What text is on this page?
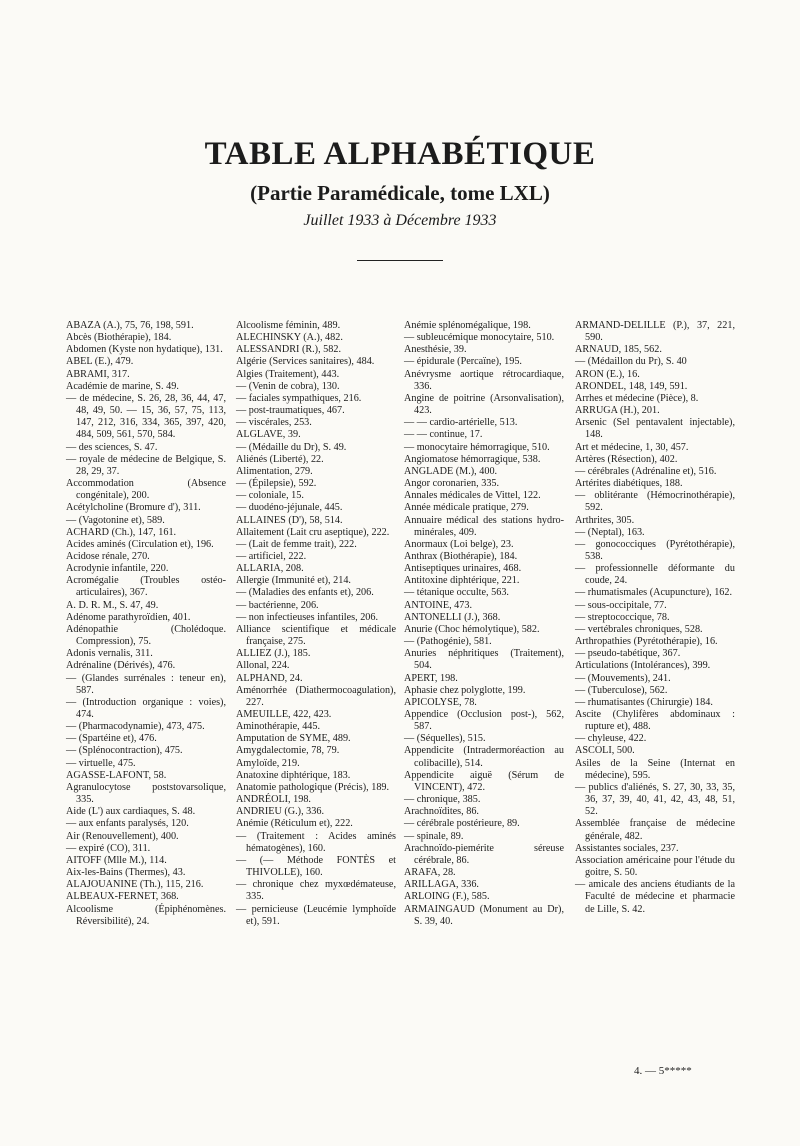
TABLE ALPHABÉTIQUE
(Partie Paramédicale, tome LXL)
Juillet 1933 à Décembre 1933

ABAZA (A.), 75, 76, 198, 591.

Abcès (Biothérapie), 184.

Abdomen (Kyste non hydatique), 131.

ABEL (E.), 479.

ABRAMI, 317.

Académie de marine, S. 49.

— de médecine, S. 26, 28, 36, 44, 47, 48, 49, 50. — 15, 36, 57, 75, 113, 147, 212, 316, 334, 365, 397, 420, 484, 509, 561, 570, 584.

— des sciences, S. 47.

— royale de médecine de Belgique, S. 28, 29, 37.

Accommodation (Absence congénitale), 200.

Acétylcholine (Bromure d'), 311.

— (Vagotonine et), 589.

ACHARD (Ch.), 147, 161.

Acides aminés (Circulation et), 196.

Acidose rénale, 270.

Acrodynie infantile, 220.

Acromégalie (Troubles ostéo-articulaires), 367.

A. D. R. M., S. 47, 49.

Adénome parathyroïdien, 401.

Adénopathie (Cholédoque. Compression), 75.

Adonis vernalis, 311.

Adrénaline (Dérivés), 476.

— (Glandes surrénales : teneur en), 587.

— (Introduction organique : voies), 474.

— (Pharmacodynamie), 473, 475.

— (Spartéine et), 476.

— (Splénocontraction), 475.

— virtuelle, 475.

AGASSE-LAFONT, 58.

Agranulocytose poststovarsolique, 335.

Aide (L') aux cardiaques, S. 48.

— aux enfants paralysés, 120.

Air (Renouvellement), 400.

— expiré (CO), 311.

AITOFF (Mlle M.), 114.

Aix-les-Bains (Thermes), 43.

ALAJOUANINE (Th.), 115, 216.

ALBEAUX-FERNET, 368.

Alcoolisme (Épiphénomènes. Réversibilité), 24.

Alcoolisme féminin, 489.

ALECHINSKY (A.), 482.

ALESSANDRI (R.), 582.

Algérie (Services sanitaires), 484.

Algies (Traitement), 443.

— (Venin de cobra), 130.

— faciales sympathiques, 216.

— post-traumatiques, 467.

— viscérales, 253.

ALGLAVE, 39.

— (Médaille du Dr), S. 49.

Aliénés (Liberté), 22.

Alimentation, 279.

— (Épilepsie), 592.

— coloniale, 15.

— duodéno-jéjunale, 445.

ALLAINES (D'), 58, 514.

Allaitement (Lait cru aseptique), 222.

— (Lait de femme trait), 222.

— artificiel, 222.

ALLARIA, 208.

Allergie (Immunité et), 214.

— (Maladies des enfants et), 206.

— bactérienne, 206.

— non infectieuses infantiles, 206.

Alliance scientifique et médicale française, 275.

ALLIEZ (J.), 185.

Allonal, 224.

ALPHAND, 24.

Aménorrhée (Diathermocoagulation), 227.

AMEUILLE, 422, 423.

Aminothérapie, 445.

Amputation de SYME, 489.

Amygdalectomie, 78, 79.

Amyloïde, 219.

Anatoxine diphtérique, 183.

Anatomie pathologique (Précis), 189.

ANDRÉOLI, 198.

ANDRIEU (G.), 336.

Anémie (Réticulum et), 222.

— (Traitement : Acides aminés hématogènes), 160.

— (— Méthode FONTÈS et THIVOLLE), 160.

— chronique chez myxœdémateuse, 335.

— pernicieuse (Leucémie lymphoïde et), 591.

Anémie splénomégalique, 198.

— subleucémique monocytaire, 510.

Anesthésie, 39.

— épidurale (Percaïne), 195.

Anévrysme aortique rétrocardiaque, 336.

Angine de poitrine (Arsonvalisation), 423.

— — cardio-artérielle, 513.

— — continue, 17.

— monocytaire hémorragique, 510.

Angiomatose hémorragique, 538.

ANGLADE (M.), 400.

Angor coronarien, 335.

Annales médicales de Vittel, 122.

Année médicale pratique, 279.

Annuaire médical des stations hydro-minérales, 409.

Anormaux (Loi belge), 23.

Anthrax (Biothérapie), 184.

Antiseptiques urinaires, 468.

Antitoxine diphtérique, 221.

— tétanique occulte, 563.

ANTOINE, 473.

ANTONELLI (J.), 368.

Anurie (Choc hémolytique), 582.

— (Pathogénie), 581.

Anuries néphritiques (Traitement), 504.

APERT, 198.

Aphasie chez polyglotte, 199.

APICOLYSE, 78.

Appendice (Occlusion post-), 562, 587.

— (Séquelles), 515.

Appendicite (Intradermoréaction au colibacille), 514.

Appendicite aiguë (Sérum de VINCENT), 472.

— chronique, 385.

Arachnoïdites, 86.

— cérébrale postérieure, 89.

— spinale, 89.

Arachnoïdo-piemérite séreuse cérébrale, 86.

ARAFA, 28.

ARILLAGA, 336.

ARLOING (F.), 585.

ARMAINGAUD (Monument au Dr), S. 39, 40.

ARMAND-DELILLE (P.), 37, 221, 590.

ARNAUD, 185, 562.

— (Médaillon du Pr), S. 40

ARON (E.), 16.

ARONDEL, 148, 149, 591.

Arrhes et médecine (Pièce), 8.

ARRUGA (H.), 201.

Arsenic (Sel pentavalent injectable), 148.

Art et médecine, 1, 30, 457.

Artères (Résection), 402.

— cérébrales (Adrénaline et), 516.

Artérites diabétiques, 188.

— oblitérante (Hémocrinothérapie), 592.

Arthrites, 305.

— (Neptal), 163.

— gonococciques (Pyrétothérapie), 538.

— professionnelle déformante du coude, 24.

— rhumatismales (Acupuncture), 162.

— sous-occipitale, 77.

— streptococcique, 78.

— vertébrales chroniques, 528.

Arthropathies (Pyrétothérapie), 16.

— pseudo-tabétique, 367.

Articulations (Intolérances), 399.

— (Mouvements), 241.

— (Tuberculose), 562.

— rhumatisantes (Chirurgie) 184.

Ascite (Chylifères abdominaux : rupture et), 488.

— chyleuse, 422.

ASCOLI, 500.

Asiles de la Seine (Internat en médecine), 595.

— publics d'aliénés, S. 27, 30, 33, 35, 36, 37, 39, 40, 41, 42, 43, 48, 51, 52.

Assemblée française de médecine générale, 482.

Assistantes sociales, 237.

Association américaine pour l'étude du goitre, S. 50.

— amicale des anciens étudiants de la Faculté de médecine et pharmacie de Lille, S. 42.

4. — 5*****
